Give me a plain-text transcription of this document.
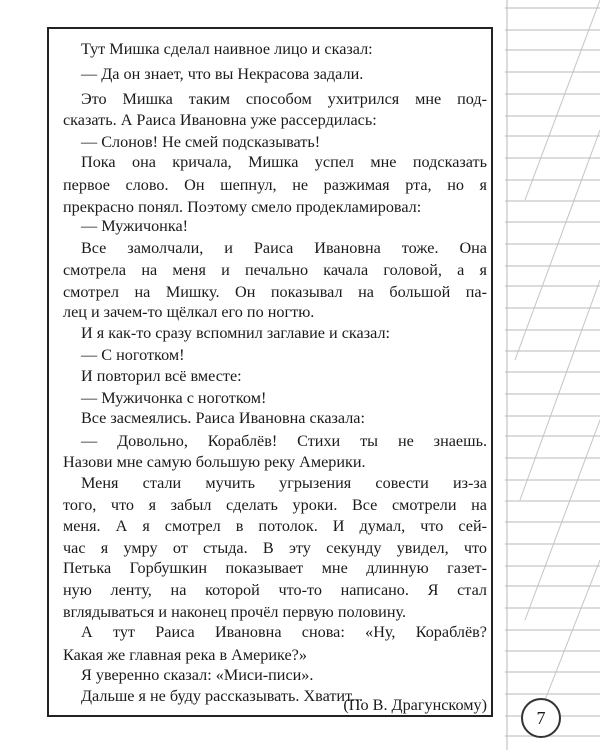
Тут Мишка сделал наивное лицо и сказал:
— Да он знает, что вы Некрасова задали.
Это Мишка таким способом ухитрился мне под-
сказать. А Раиса Ивановна уже рассердилась:
— Слонов! Не смей подсказывать!
Пока она кричала, Мишка успел мне подсказать
первое слово. Он шепнул, не разжимая рта, но я
прекрасно понял. Поэтому смело продекламировал:
— Мужичонка!
Все замолчали, и Раиса Ивановна тоже. Она
смотрела на меня и печально качала головой, а я
смотрел на Мишку. Он показывал на большой па-
лец и зачем-то щёлкал его по ногтю.
И я как-то сразу вспомнил заглавие и сказал:
— С ноготком!
И повторил всё вместе:
— Мужичонка с ноготком!
Все засмеялись. Раиса Ивановна сказала:
— Довольно, Кораблёв! Стихи ты не знаешь.
Назови мне самую большую реку Америки.
Меня стали мучить угрызения совести из-за
того, что я забыл сделать уроки. Все смотрели на
меня. А я смотрел в потолок. И думал, что сей-
час я умру от стыда. В эту секунду увидел, что
Петька Горбушкин показывает мне длинную газет-
ную ленту, на которой что-то написано. Я стал
вглядываться и наконец прочёл первую половину.
А тут Раиса Ивановна снова: «Ну, Кораблёв?
Какая же главная река в Америке?»
Я уверенно сказал: «Миси-писи».
Дальше я не буду рассказывать. Хватит...
(По В. Драгунскому)
7
